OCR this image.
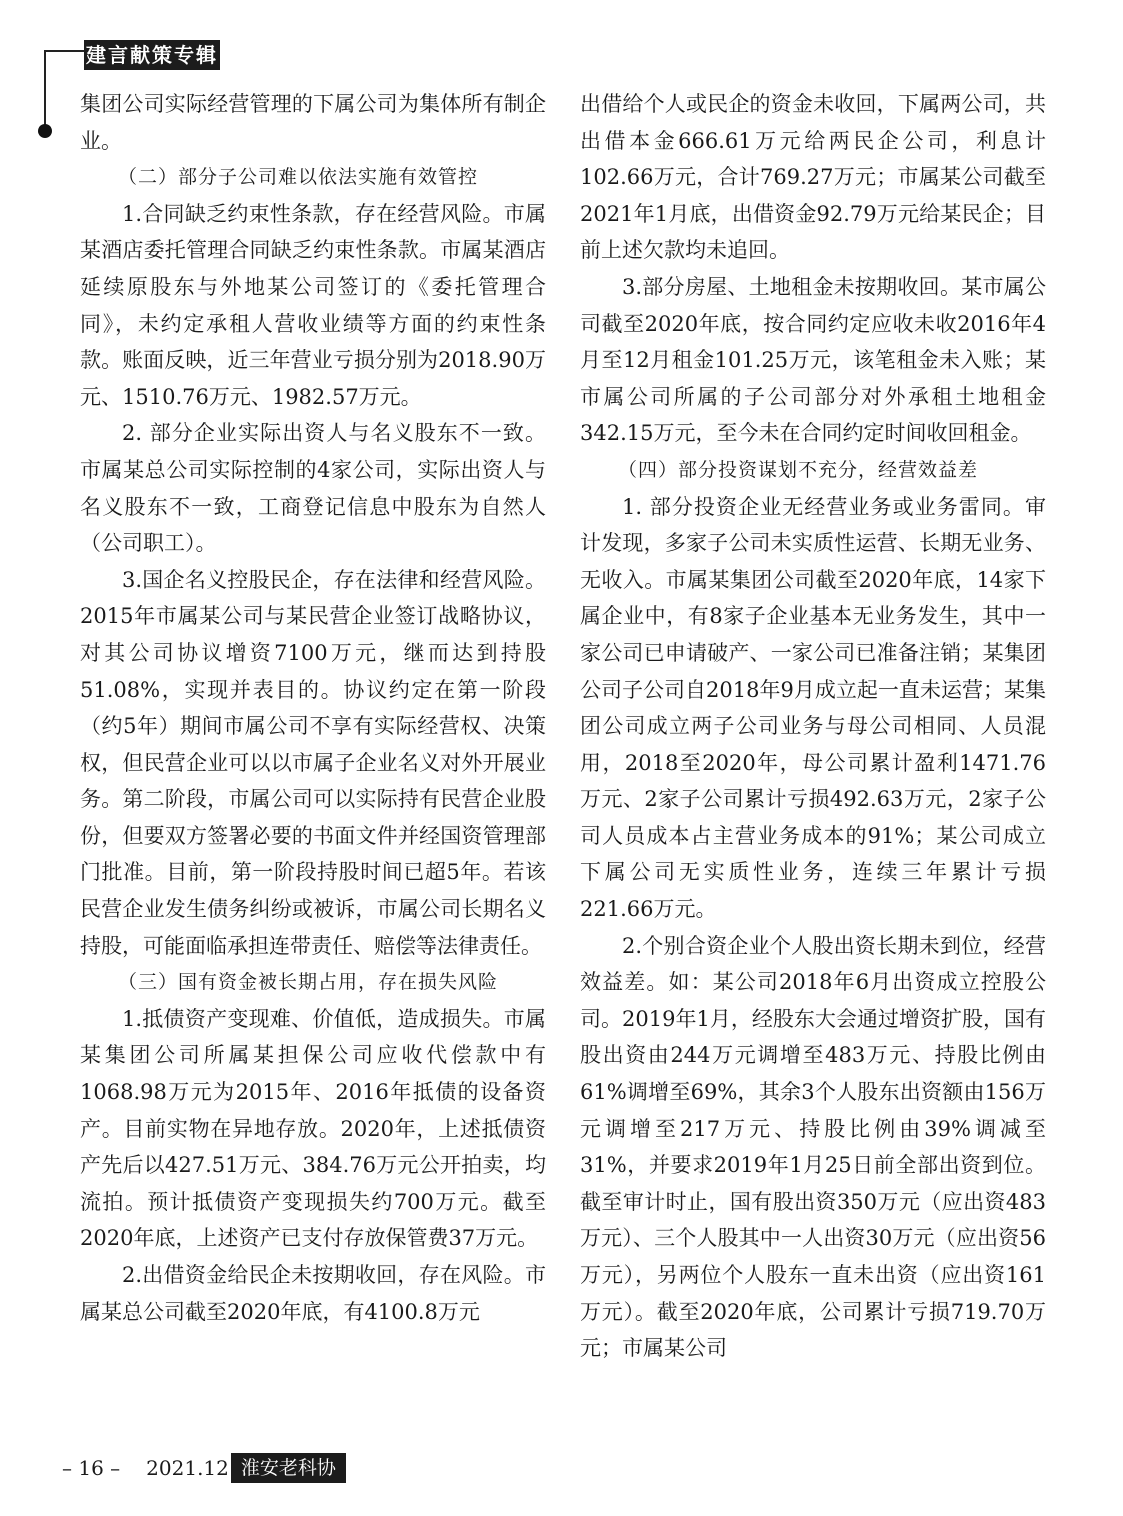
建言献策专辑

集团公司实际经营管理的下属公司为集体所有制企业。

（二）部分子公司难以依法实施有效管控

1.合同缺乏约束性条款，存在经营风险。市属某酒店委托管理合同缺乏约束性条款。市属某酒店延续原股东与外地某公司签订的《委托管理合同》，未约定承租人营收业绩等方面的约束性条款。账面反映，近三年营业亏损分别为2018.90万元、1510.76万元、1982.57万元。

2. 部分企业实际出资人与名义股东不一致。市属某总公司实际控制的4家公司，实际出资人与名义股东不一致，工商登记信息中股东为自然人（公司职工）。

3.国企名义控股民企，存在法律和经营风险。2015年市属某公司与某民营企业签订战略协议，对其公司协议增资7100万元，继而达到持股51.08%，实现并表目的。协议约定在第一阶段（约5年）期间市属公司不享有实际经营权、决策权，但民营企业可以以市属子企业名义对外开展业务。第二阶段，市属公司可以实际持有民营企业股份，但要双方签署必要的书面文件并经国资管理部门批准。目前，第一阶段持股时间已超5年。若该民营企业发生债务纠纷或被诉，市属公司长期名义持股，可能面临承担连带责任、赔偿等法律责任。

（三）国有资金被长期占用，存在损失风险

1.抵债资产变现难、价值低，造成损失。市属某集团公司所属某担保公司应收代偿款中有1068.98万元为2015年、2016年抵债的设备资产。目前实物在异地存放。2020年，上述抵债资产先后以427.51万元、384.76万元公开拍卖，均流拍。预计抵债资产变现损失约700万元。截至2020年底，上述资产已支付存放保管费37万元。

2.出借资金给民企未按期收回，存在风险。市属某总公司截至2020年底，有4100.8万元

出借给个人或民企的资金未收回，下属两公司，共出借本金666.61万元给两民企公司，利息计102.66万元，合计769.27万元；市属某公司截至2021年1月底，出借资金92.79万元给某民企；目前上述欠款均未追回。

3.部分房屋、土地租金未按期收回。某市属公司截至2020年底，按合同约定应收未收2016年4月至12月租金101.25万元，该笔租金未入账；某市属公司所属的子公司部分对外承租土地租金342.15万元，至今未在合同约定时间收回租金。

（四）部分投资谋划不充分，经营效益差

1. 部分投资企业无经营业务或业务雷同。审计发现，多家子公司未实质性运营、长期无业务、无收入。市属某集团公司截至2020年底，14家下属企业中，有8家子企业基本无业务发生，其中一家公司已申请破产、一家公司已准备注销；某集团公司子公司自2018年9月成立起一直未运营；某集团公司成立两子公司业务与母公司相同、人员混用，2018至2020年，母公司累计盈利1471.76万元、2家子公司累计亏损492.63万元，2家子公司人员成本占主营业务成本的91%；某公司成立下属公司无实质性业务，连续三年累计亏损221.66万元。

2.个别合资企业个人股出资长期未到位，经营效益差。如：某公司2018年6月出资成立控股公司。2019年1月，经股东大会通过增资扩股，国有股出资由244万元调增至483万元、持股比例由61%调增至69%，其余3个人股东出资额由156万元调增至217万元、持股比例由39%调减至31%，并要求2019年1月25日前全部出资到位。截至审计时止，国有股出资350万元（应出资483万元）、三个人股其中一人出资30万元（应出资56万元），另两位个人股东一直未出资（应出资161万元）。截至2020年底，公司累计亏损719.70万元；市属某公司

– 16 – 2021.12 淮安老科协
